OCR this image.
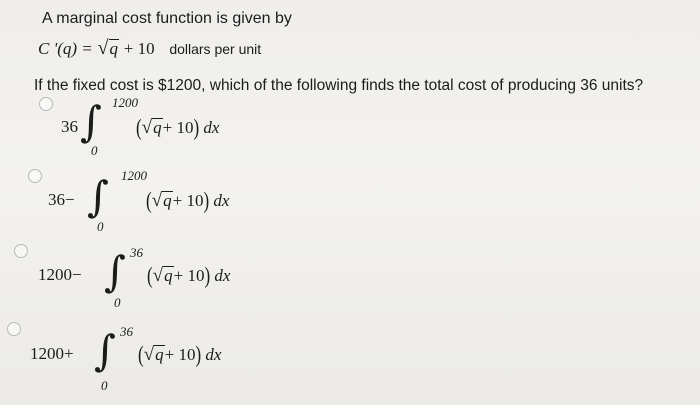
A marginal cost function is given by
C '(q) = √q + 10 dollars per unit
If the fixed cost is $1200, which of the following finds the total cost of producing 36 units?
36 ∫ 1200
0
(√q+ 10) dx
36− ∫ 1200
0
(√q+ 10) dx
1200− ∫ 36
0
(√q+ 10) dx
1200+ ∫ 36
0
(√q+ 10) dx
